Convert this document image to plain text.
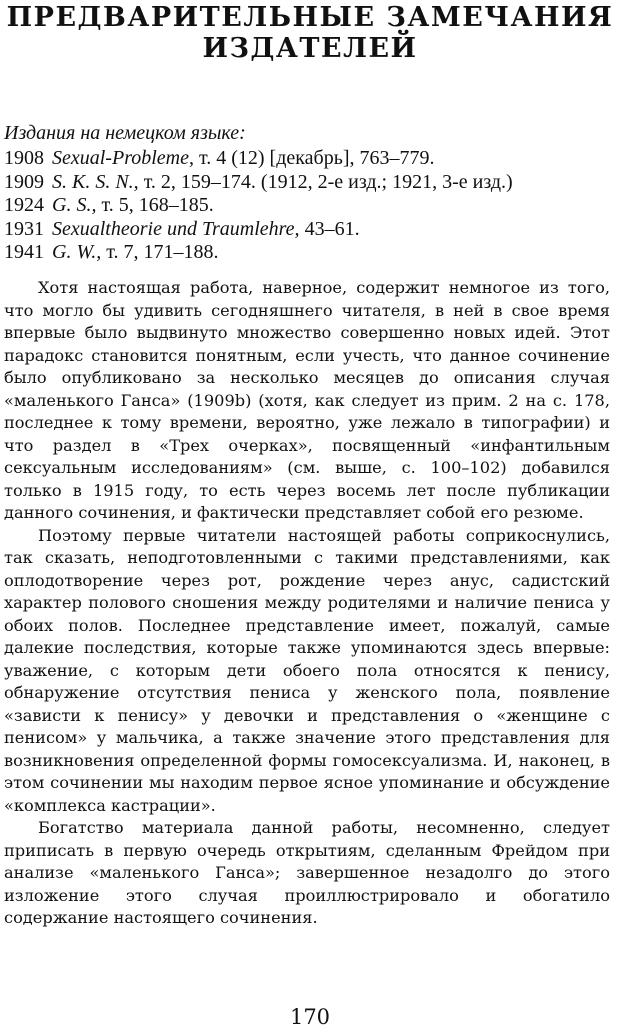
ПРЕДВАРИТЕЛЬНЫЕ ЗАМЕЧАНИЯ
ИЗДАТЕЛЕЙ

Издания на немецком языке:

1908 Sexual-Probleme, т. 4 (12) [декабрь], 763–779.
1909 S. K. S. N., т. 2, 159–174. (1912, 2-е изд.; 1921, 3-е изд.)
1924 G. S., т. 5, 168–185.
1931 Sexualtheorie und Traumlehre, 43–61.
1941 G. W., т. 7, 171–188.

Хотя настоящая работа, наверное, содержит немногое из того, что могло бы удивить сегодняшнего читателя, в ней в свое время впервые было выдвинуто множество совершенно новых идей. Этот парадокс становится понятным, если учесть, что данное сочинение было опубликовано за несколько месяцев до описания случая «маленького Ганса» (1909b) (хотя, как следует из прим. 2 на с. 178, последнее к тому времени, вероятно, уже лежало в типографии) и что раздел в «Трех очерках», посвященный «инфантильным сексуальным исследованиям» (см. выше, с. 100–102) добавился только в 1915 году, то есть через восемь лет после публикации данного сочинения, и фактически представляет собой его резюме.

Поэтому первые читатели настоящей работы соприкоснулись, так сказать, неподготовленными с такими представлениями, как оплодотворение через рот, рождение через анус, садистский характер полового сношения между родителями и наличие пениса у обоих полов. Последнее представление имеет, пожалуй, самые далекие последствия, которые также упоминаются здесь впервые: уважение, с которым дети обоего пола относятся к пенису, обнаружение отсутствия пениса у женского пола, появление «зависти к пенису» у девочки и представления о «женщине с пенисом» у мальчика, а также значение этого представления для возникновения определенной формы гомосексуализма. И, наконец, в этом сочинении мы находим первое ясное упоминание и обсуждение «комплекса кастрации».

Богатство материала данной работы, несомненно, следует приписать в первую очередь открытиям, сделанным Фрейдом при анализе «маленького Ганса»; завершенное незадолго до этого изложение этого случая проиллюстрировало и обогатило содержание настоящего сочинения.

170
